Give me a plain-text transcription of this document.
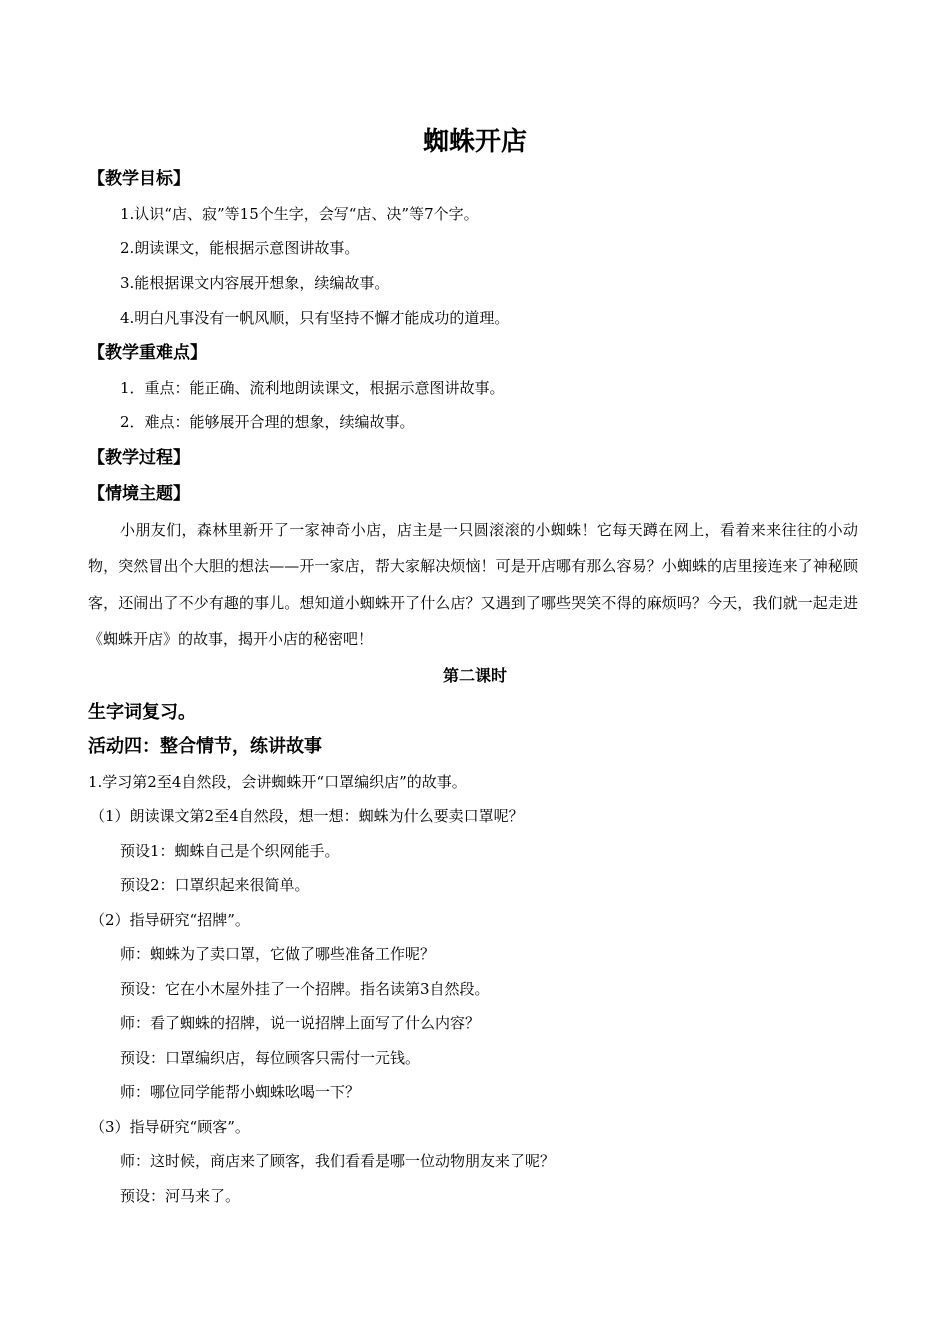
蜘蛛开店
【教学目标】
1.认识“店、寂”等15个生字，会写“店、决”等7个字。
2.朗读课文，能根据示意图讲故事。
3.能根据课文内容展开想象，续编故事。
4.明白凡事没有一帆风顺，只有坚持不懈才能成功的道理。
【教学重难点】
1．重点：能正确、流利地朗读课文，根据示意图讲故事。
2．难点：能够展开合理的想象，续编故事。
【教学过程】
【情境主题】
小朋友们，森林里新开了一家神奇小店，店主是一只圆滚滚的小蜘蛛！它每天蹲在网上，看着来来往往的小动物，突然冒出个大胆的想法——开一家店，帮大家解决烦恼！可是开店哪有那么容易？小蜘蛛的店里接连来了神秘顾客，还闹出了不少有趣的事儿。想知道小蜘蛛开了什么店？又遇到了哪些哭笑不得的麻烦吗？今天，我们就一起走进《蜘蛛开店》的故事，揭开小店的秘密吧！
第二课时
生字词复习。
活动四：整合情节，练讲故事
1.学习第2至4自然段，会讲蜘蛛开“口罩编织店”的故事。
（1）朗读课文第2至4自然段，想一想：蜘蛛为什么要卖口罩呢？
预设1：蜘蛛自己是个织网能手。
预设2：口罩织起来很简单。
（2）指导研究“招牌”。
师：蜘蛛为了卖口罩，它做了哪些准备工作呢？
预设：它在小木屋外挂了一个招牌。指名读第3自然段。
师：看了蜘蛛的招牌，说一说招牌上面写了什么内容？
预设：口罩编织店，每位顾客只需付一元钱。
师：哪位同学能帮小蜘蛛吆喝一下？
（3）指导研究“顾客”。
师：这时候，商店来了顾客，我们看看是哪一位动物朋友来了呢？
预设：河马来了。
